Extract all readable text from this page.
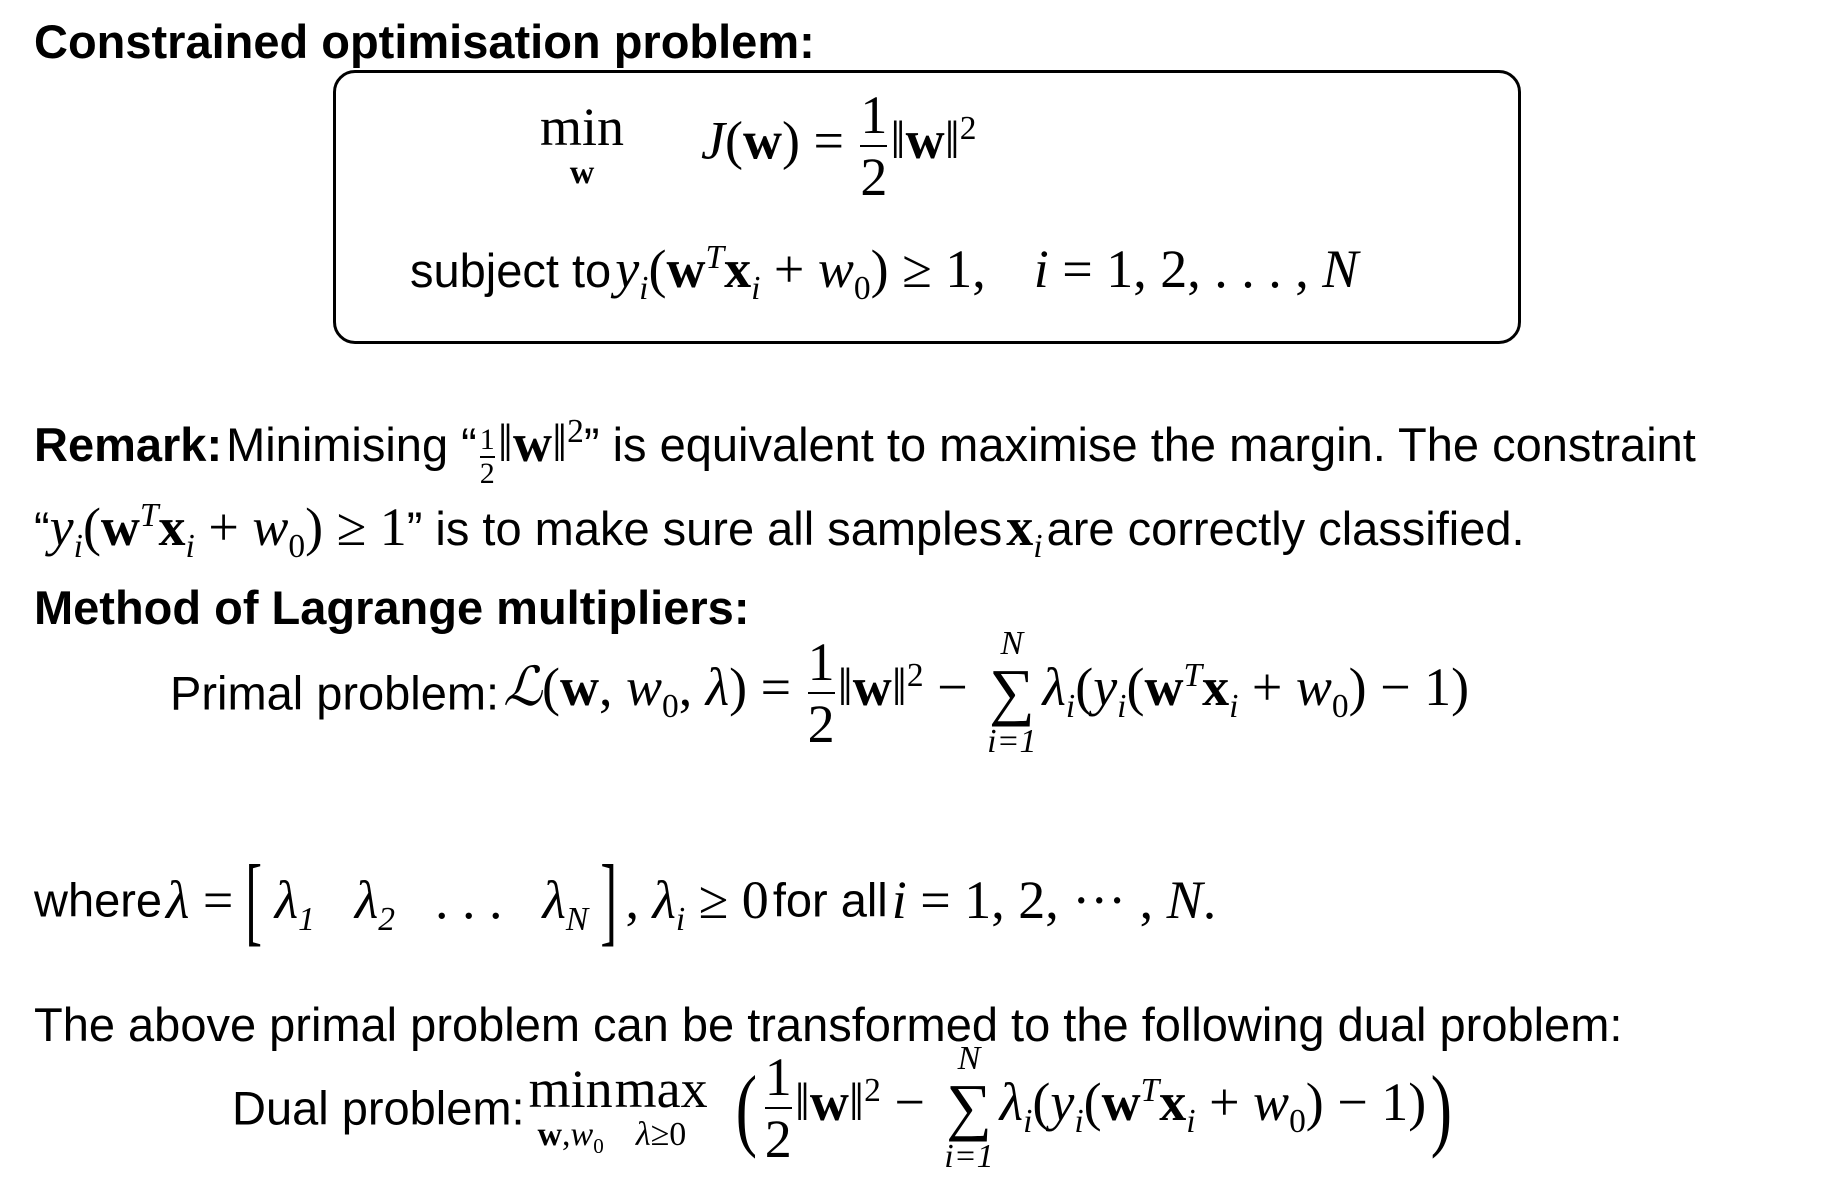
Constrained optimisation problem:
min
w
$J(w) = \frac{1}{2}$ ‖w‖$^2$
subject to $y_i(w^Tx_i + w_0) \ge 1$, i = 1, 2, . . . , N
Remark: Minimising “ $\frac{1}{2}$ ‖w‖$^2$” is equivalent to maximise the margin. The constraint
“$y_i(w^Tx_i + w_0) \ge 1$” is to make sure all samples $x_i$ are correctly classified.
Method of Lagrange multipliers:
Primal problem: ℒ(w, $w_0$, $\lambda) = \frac{1}{2}$ ‖w‖$^2$ −
N
∑
i=1
$\lambda_i(y_i(w^Tx_i + w_0) - 1)$
where λ = [ $\lambda_1$ $\lambda_2$ . . . $\lambda_N$ ] , $\lambda_i \ge 0$ for all i = 1, 2, ··· , N.
The above primal problem can be transformed to the following dual problem:
Dual problem: min
$w,w_0$
max
λ≥0 ( $\frac{1}{2}$ ‖w‖$^2$ −
N
∑
i=1
$\lambda_i(y_i(w^Tx_i + w_0) - 1)$)
